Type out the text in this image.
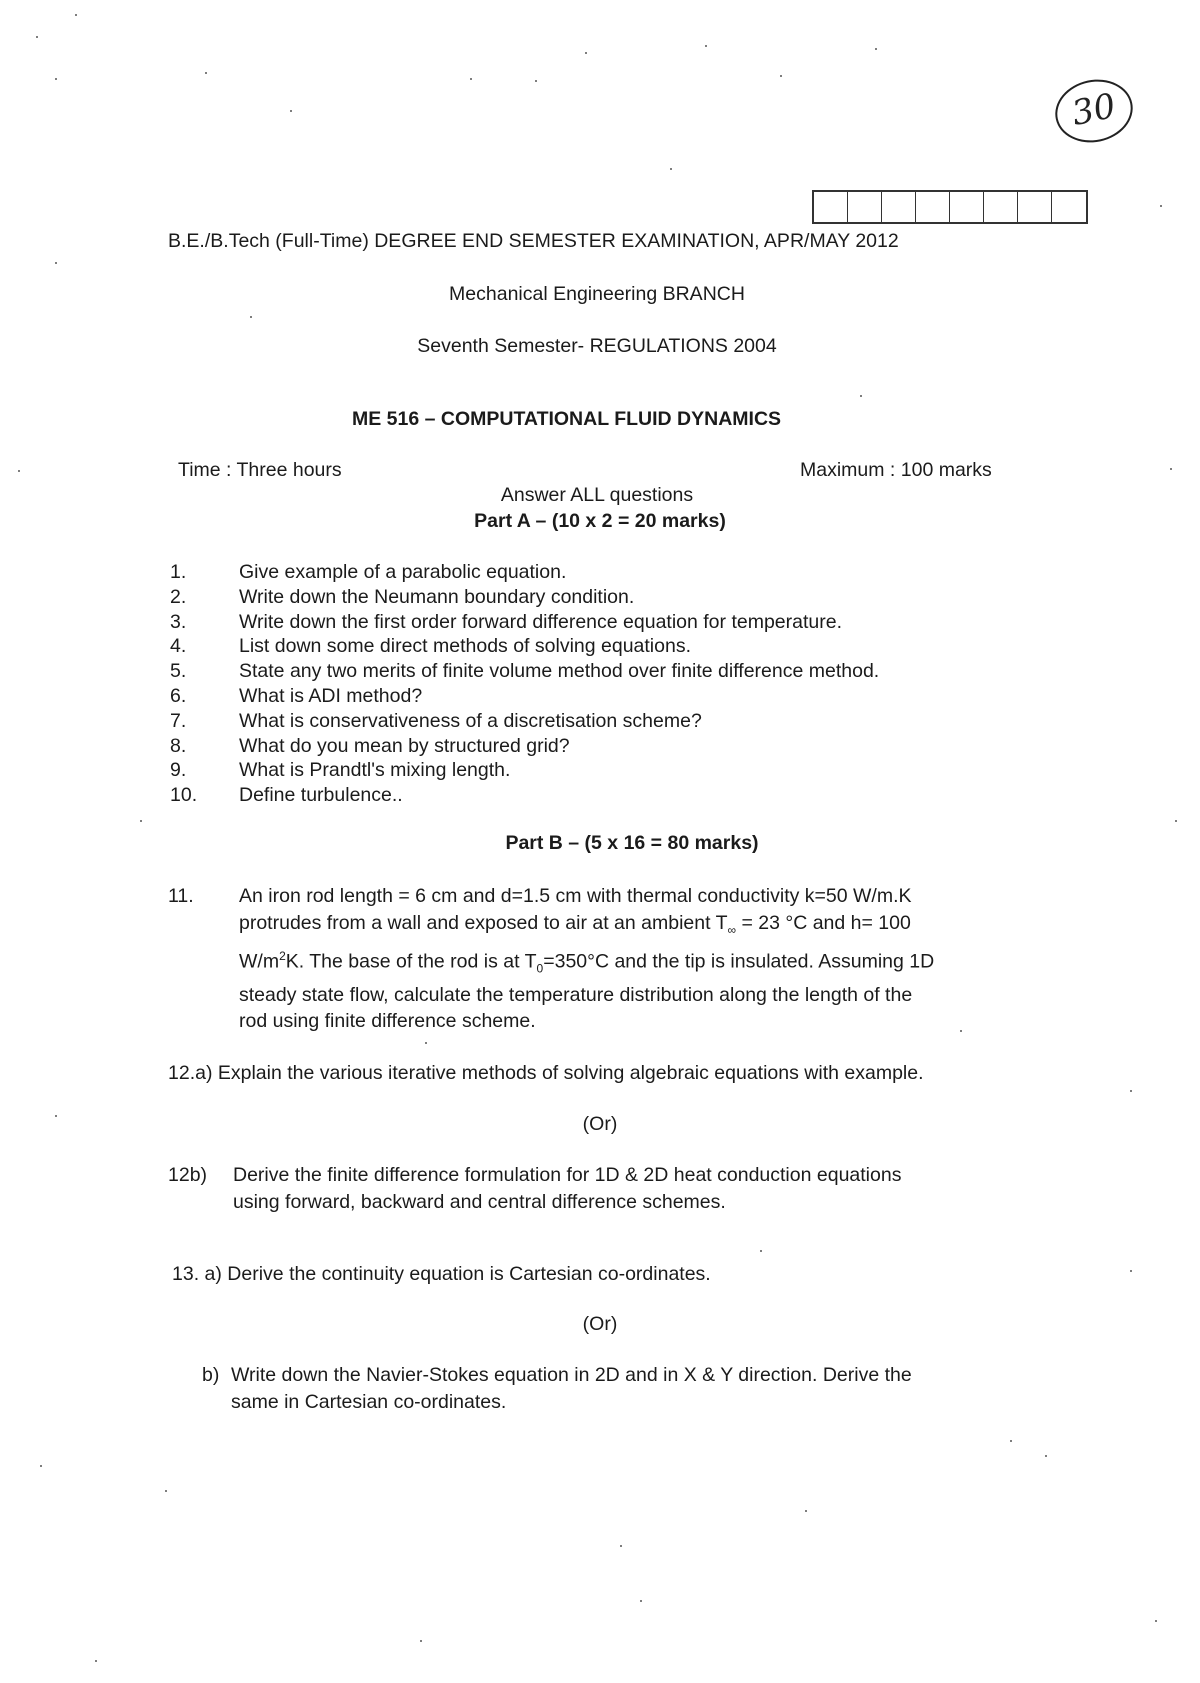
30
B.E./B.Tech (Full-Time) DEGREE END SEMESTER EXAMINATION, APR/MAY 2012
Mechanical Engineering BRANCH
Seventh Semester- REGULATIONS 2004
ME 516 – COMPUTATIONAL FLUID DYNAMICS
Time : Three hours	Maximum : 100 marks
Answer ALL questions
Part A – (10 x 2 = 20 marks)
1.	Give example of a parabolic equation.
2.	Write down the Neumann boundary condition.
3.	Write down the first order forward difference equation for temperature.
4.	List down some direct methods of solving equations.
5.	State any two merits of finite volume method over finite difference method.
6.	What is ADI method?
7.	What is conservativeness of a discretisation scheme?
8.	What do you mean by structured grid?
9.	What is Prandtl's mixing length.
10.	Define turbulence..
Part B – (5 x 16 = 80 marks)
11. An iron rod length = 6 cm and d=1.5 cm with thermal conductivity k=50 W/m.K
protrudes from a wall and exposed to air at an ambient $T_\infty = 23$ °C and h= 100
$W/m^2K$. The base of the rod is at $T_0=350^\circ C$ and the tip is insulated. Assuming 1D
steady state flow, calculate the temperature distribution along the length of the
rod using finite difference scheme.
12.a) Explain the various iterative methods of solving algebraic equations with example.
(Or)
12b) Derive the finite difference formulation for 1D & 2D heat conduction equations
using forward, backward and central difference schemes.
13. a) Derive the continuity equation is Cartesian co-ordinates.
(Or)
b) Write down the Navier-Stokes equation in 2D and in X & Y direction. Derive the
same in Cartesian co-ordinates.
